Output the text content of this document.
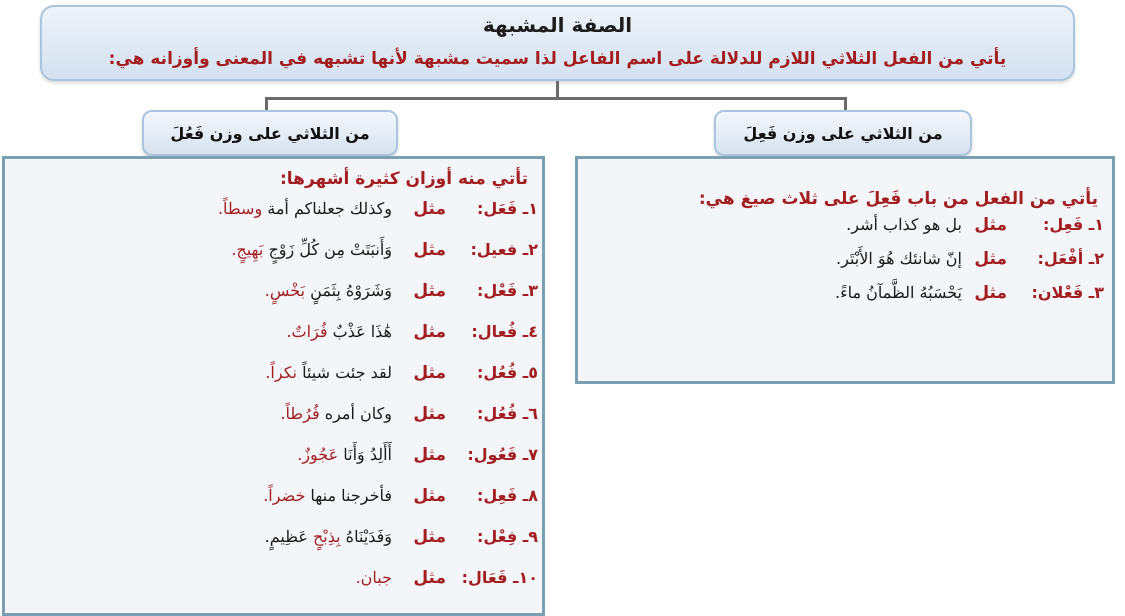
الصفة المشبهة
يأتي من الفعل الثلاثي اللازم للدلالة على اسم الفاعل لذا سميت مشبهة لأنها تشبهه في المعنى وأوزانه هي:
من الثلاثي على وزن فَعِلَ
من الثلاثي على وزن فَعُلَ
يأتي من الفعل من باب فَعِلَ على ثلاث صيغ هي:
١ـ فَعِل:
مثل
بل هو كذاب أشر.
٢ـ أفْعَل:
مثل
إنّ شانئك هُوَ الأَبْتَر.
٣ـ فَعْلان:
مثل
يَحْسَبُهُ الظَّمآنُ ماءً.
تأتي منه أوزان كثيرة أشهرها:
١ـ فَعَل:
مثل
وكذلك جعلناكم أمة وسطاً.
٢ـ فعيل:
مثل
وَأَنبَتَتْ مِن كُلِّ زَوْجٍ بَهِيجٍ.
٣ـ فَعْل:
مثل
وَشَرَوْهُ بِثَمَنٍ بَخْسٍ.
٤ـ فُعال:
مثل
هَٰذَا عَذْبٌ فُرَاتٌ.
٥ـ فُعُل:
مثل
لقد جئت شيئاً نكراً.
٦ـ فُعُل:
مثل
وكان أمره فُرُطاً.
٧ـ فَعُول:
مثل
أَأَلِدُ وَأَنَا عَجُوزٌ.
٨ـ فَعِل:
مثل
فأخرجنا منها خضراً.
٩ـ فِعْل:
مثل
وَفَدَيْنَاهُ بِذِبْحٍ عَظِيمٍ.
١٠ـ فَعَال:
مثل
جبان.
